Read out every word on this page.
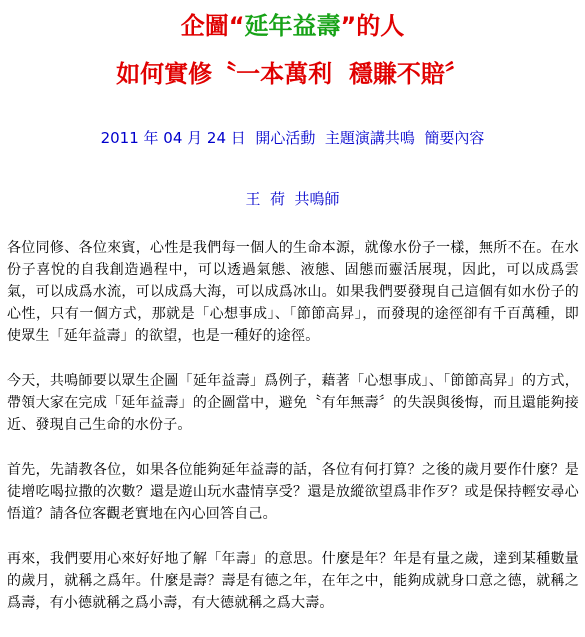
企圖“延年益壽”的人
如何實修〝一本萬利  穩賺不賠〞
2011 年 04 月 24 日  開心活動  主題演講共鳴  簡要內容
王  荷  共鳴師

各位同修、各位來賓，心性是我們每一個人的生命本源，就像水份子一樣，無所不在。在水份子喜悅的自我創造過程中，可以透過氣態、液態、固態而靈活展現，因此，可以成爲雲氣，可以成爲水流，可以成爲大海，可以成爲冰山。如果我們要發現自己這個有如水份子的心性，只有一個方式，那就是「心想事成」、「節節高昇」，而發現的途徑卻有千百萬種，即使眾生「延年益壽」的欲望，也是一種好的途徑。

今天，共鳴師要以眾生企圖「延年益壽」爲例子，藉著「心想事成」、「節節高昇」的方式，帶領大家在完成「延年益壽」的企圖當中，避免〝有年無壽〞的失誤與後悔，而且還能夠接近、發現自己生命的水份子。

首先，先請教各位，如果各位能夠延年益壽的話，各位有何打算？之後的歲月要作什麼？是徒增吃喝拉撒的次數？還是遊山玩水盡情享受？還是放縱欲望爲非作歹？或是保持輕安尋心悟道？請各位客觀老實地在內心回答自己。

再來，我們要用心來好好地了解「年壽」的意思。什麼是年？年是有量之歲，達到某種數量的歲月，就稱之爲年。什麼是壽？壽是有德之年，在年之中，能夠成就身口意之德，就稱之爲壽，有小德就稱之爲小壽，有大德就稱之爲大壽。
